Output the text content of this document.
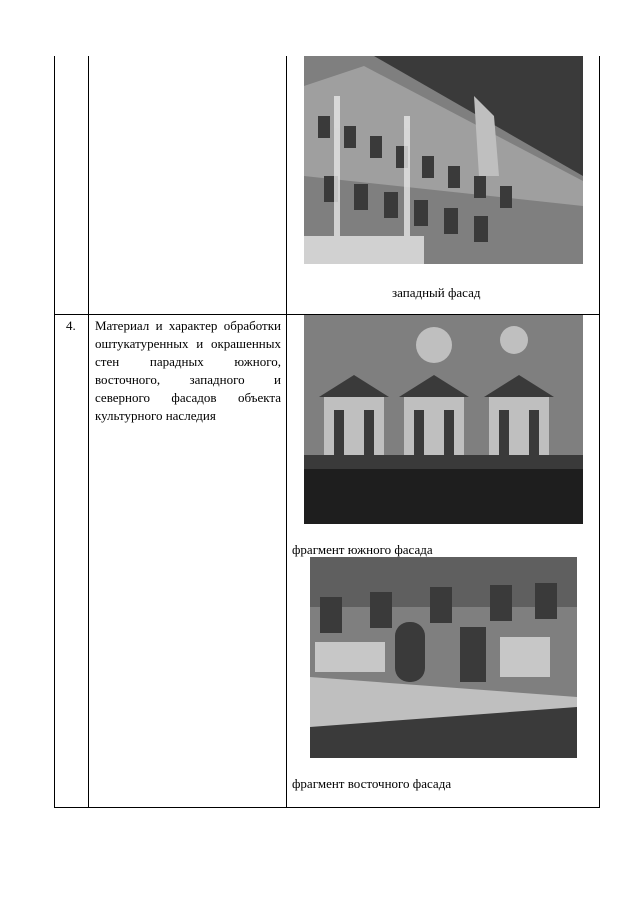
западный фасад
4. Материал и характер обработки оштукатуренных и окрашенных стен парадных южного, восточного, западного и северного фасадов объекта культурного наследия
фрагмент южного фасада
фрагмент восточного фасада
